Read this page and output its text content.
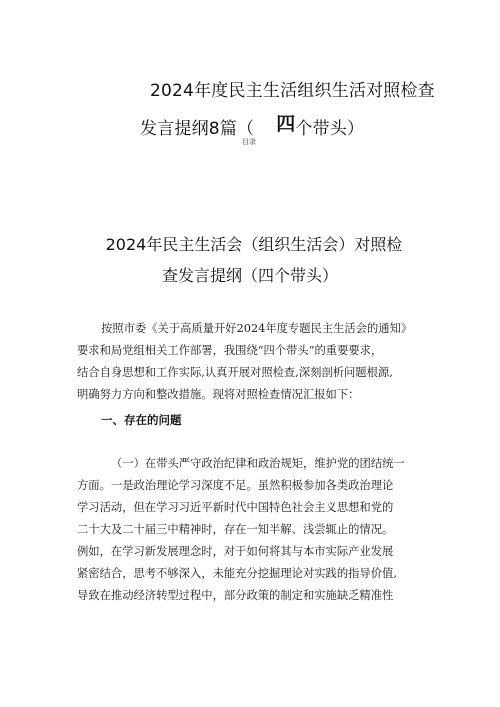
2024年度民主生活组织生活对照检查
发言提纲8篇（ 四个带头）
目录
2024年民主生活会（组织生活会）对照检
查发言提纲（四个带头）
按照市委《关于高质量开好2024年度专题民主生活会的通知》
要求和局党组相关工作部署，我围绕“四个带头”的重要要求，
结合自身思想和工作实际,认真开展对照检查,深刻剖析问题根源,
明确努力方向和整改措施。现将对照检查情况汇报如下：
一、存在的问题
（一）在带头严守政治纪律和政治规矩，维护党的团结统一
方面。一是政治理论学习深度不足。虽然积极参加各类政治理论
学习活动，但在学习习近平新时代中国特色社会主义思想和党的
二十大及二十届三中精神时，存在一知半解、浅尝辄止的情况。
例如，在学习新发展理念时，对于如何将其与本市实际产业发展
紧密结合，思考不够深入，未能充分挖掘理论对实践的指导价值,
导致在推动经济转型过程中，部分政策的制定和实施缺乏精准性
